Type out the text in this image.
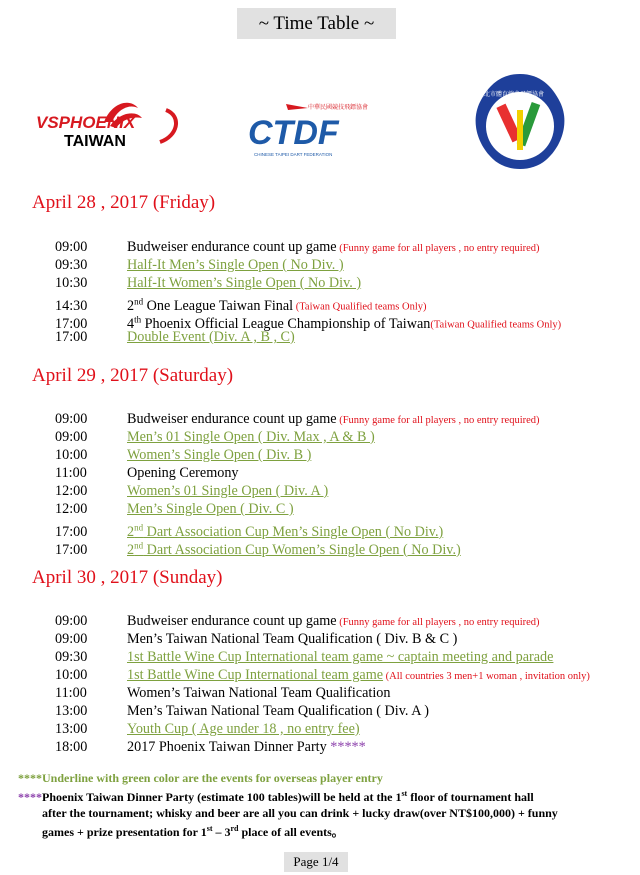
~ Time Table ~
VSPHOENIX
TAIWAN
中華民國競技飛鏢協會
CTDF
CHINESE TAIPEI DART FEDERATION
臺北市體育總會飛鏢協會
April 28 , 2017 (Friday)
09:00	Budweiser endurance count up game (Funny game for all players , no entry required)
09:30	Half-It Men’s Single Open ( No Div. )
10:30	Half-It Women’s Single Open ( No Div. )
14:30	2nd One League Taiwan Final (Taiwan Qualified teams Only)
17:00	4th Phoenix Official League Championship of Taiwan(Taiwan Qualified teams Only)
17:00	Double Event (Div. A , B , C)
April 29 , 2017 (Saturday)
09:00	Budweiser endurance count up game (Funny game for all players , no entry required)
09:00	Men’s 01 Single Open ( Div. Max , A & B )
10:00	Women’s Single Open ( Div. B )
11:00	Opening Ceremony
12:00	Women’s 01 Single Open ( Div. A )
12:00	Men’s Single Open ( Div. C )
17:00	2nd Dart Association Cup Men’s Single Open ( No Div.)
17:00	2nd Dart Association Cup Women’s Single Open ( No Div.)
April 30 , 2017 (Sunday)
09:00	Budweiser endurance count up game (Funny game for all players , no entry required)
09:00	Men’s Taiwan National Team Qualification ( Div. B & C )
09:30	1st Battle Wine Cup International team game ~ captain meeting and parade
10:00	1st Battle Wine Cup International team game (All countries 3 men+1 woman , invitation only)
11:00	Women’s Taiwan National Team Qualification
13:00	Men’s Taiwan National Team Qualification ( Div. A )
13:00	Youth Cup ( Age under 18 , no entry fee)
18:00	2017 Phoenix Taiwan Dinner Party *****
****Underline with green color are the events for overseas player entry
****Phoenix Taiwan Dinner Party (estimate 100 tables)will be held at the 1st floor of tournament hall
after the tournament; whisky and beer are all you can drink + lucky draw(over NT$100,000) + funny
games + prize presentation for 1st – 3rd place of all events。
Page 1/4
